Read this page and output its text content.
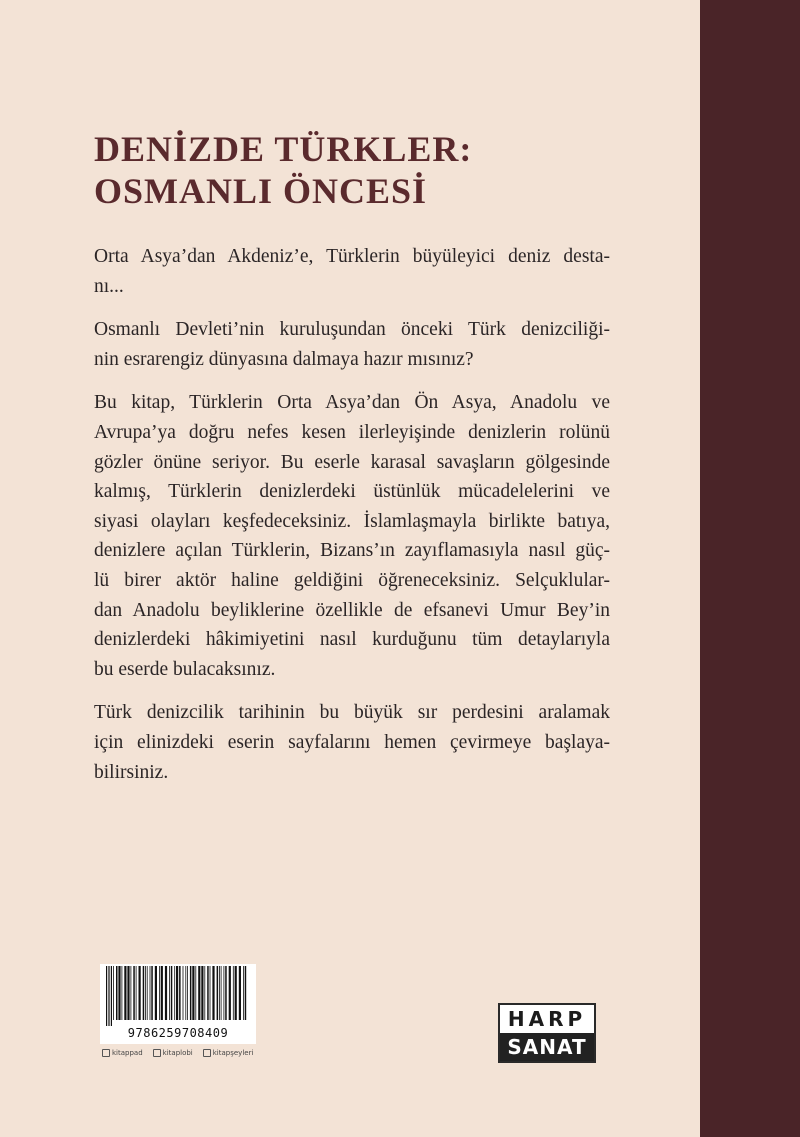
DENİZDE TÜRKLER:
OSMANLI ÖNCESİ

Orta Asya’dan Akdeniz’e, Türklerin büyüleyici deniz desta-
nı...

Osmanlı Devleti’nin kuruluşundan önceki Türk denizciliği-
nin esrarengiz dünyasına dalmaya hazır mısınız?

Bu kitap, Türklerin Orta Asya’dan Ön Asya, Anadolu ve
Avrupa’ya doğru nefes kesen ilerleyişinde denizlerin rolünü
gözler önüne seriyor. Bu eserle karasal savaşların gölgesinde
kalmış, Türklerin denizlerdeki üstünlük mücadelelerini ve
siyasi olayları keşfedeceksiniz. İslamlaşmayla birlikte batıya,
denizlere açılan Türklerin, Bizans’ın zayıflamasıyla nasıl güç-
lü birer aktör haline geldiğini öğreneceksiniz. Selçuklular-
dan Anadolu beyliklerine özellikle de efsanevi Umur Bey’in
denizlerdeki hâkimiyetini nasıl kurduğunu tüm detaylarıyla
bu eserde bulacaksınız.

Türk denizcilik tarihinin bu büyük sır perdesini aralamak
için elinizdeki eserin sayfalarını hemen çevirmeye başlaya-
bilirsiniz.

9786259708409
kitappad	kitaplobi	kitapşeyleri
HARP
SANAT
